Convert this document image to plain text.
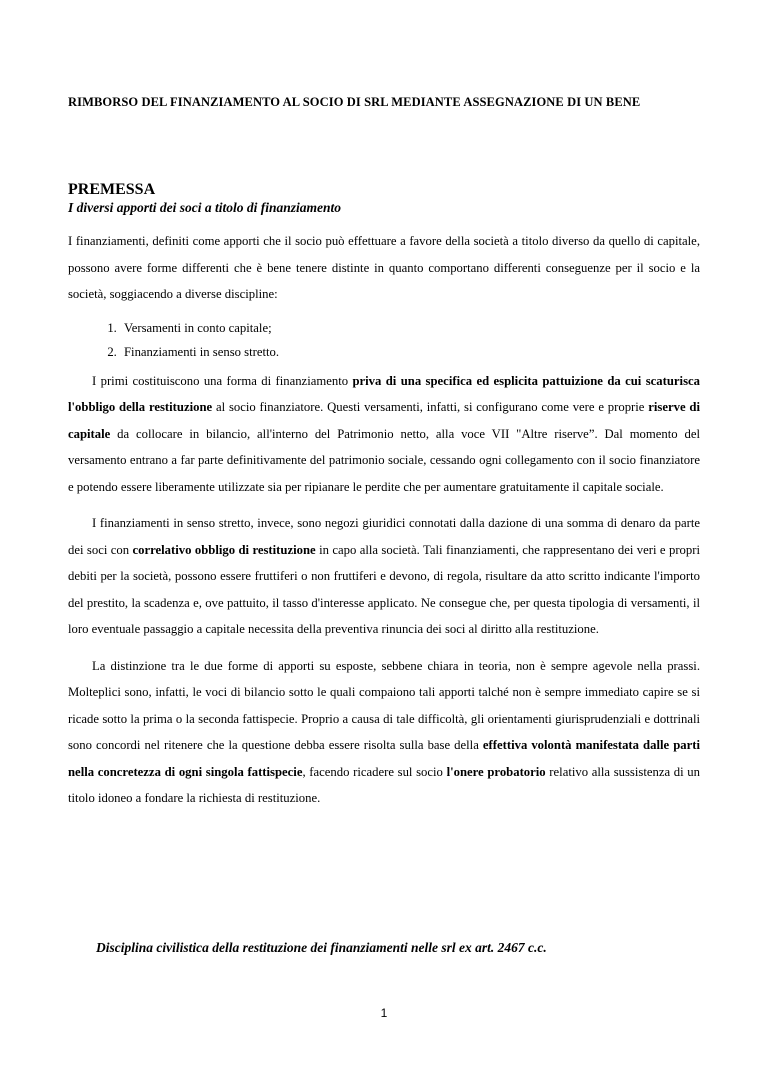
RIMBORSO DEL FINANZIAMENTO AL SOCIO DI SRL MEDIANTE ASSEGNAZIONE DI UN BENE
PREMESSA
I diversi apporti dei soci a titolo di finanziamento

I finanziamenti, definiti come apporti che il socio può effettuare a favore della società a titolo diverso da quello di capitale, possono avere forme differenti che è bene tenere distinte in quanto comportano differenti conseguenze per il socio e la società, soggiacendo a diverse discipline:

1. Versamenti in conto capitale;
2. Finanziamenti in senso stretto.

I primi costituiscono una forma di finanziamento priva di una specifica ed esplicita pattuizione da cui scaturisca l'obbligo della restituzione al socio finanziatore. Questi versamenti, infatti, si configurano come vere e proprie riserve di capitale da collocare in bilancio, all'interno del Patrimonio netto, alla voce VII "Altre riserve”. Dal momento del versamento entrano a far parte definitivamente del patrimonio sociale, cessando ogni collegamento con il socio finanziatore e potendo essere liberamente utilizzate sia per ripianare le perdite che per aumentare gratuitamente il capitale sociale.

I finanziamenti in senso stretto, invece, sono negozi giuridici connotati dalla dazione di una somma di denaro da parte dei soci con correlativo obbligo di restituzione in capo alla società. Tali finanziamenti, che rappresentano dei veri e propri debiti per la società, possono essere fruttiferi o non fruttiferi e devono, di regola, risultare da atto scritto indicante l'importo del prestito, la scadenza e, ove pattuito, il tasso d'interesse applicato. Ne consegue che, per questa tipologia di versamenti, il loro eventuale passaggio a capitale necessita della preventiva rinuncia dei soci al diritto alla restituzione.

La distinzione tra le due forme di apporti su esposte, sebbene chiara in teoria, non è sempre agevole nella prassi. Molteplici sono, infatti, le voci di bilancio sotto le quali compaiono tali apporti talché non è sempre immediato capire se si ricade sotto la prima o la seconda fattispecie. Proprio a causa di tale difficoltà, gli orientamenti giurisprudenziali e dottrinali sono concordi nel ritenere che la questione debba essere risolta sulla base della effettiva volontà manifestata dalle parti nella concretezza di ogni singola fattispecie, facendo ricadere sul socio l'onere probatorio relativo alla sussistenza di un titolo idoneo a fondare la richiesta di restituzione.

Disciplina civilistica della restituzione dei finanziamenti nelle srl ex art. 2467 c.c.
1
